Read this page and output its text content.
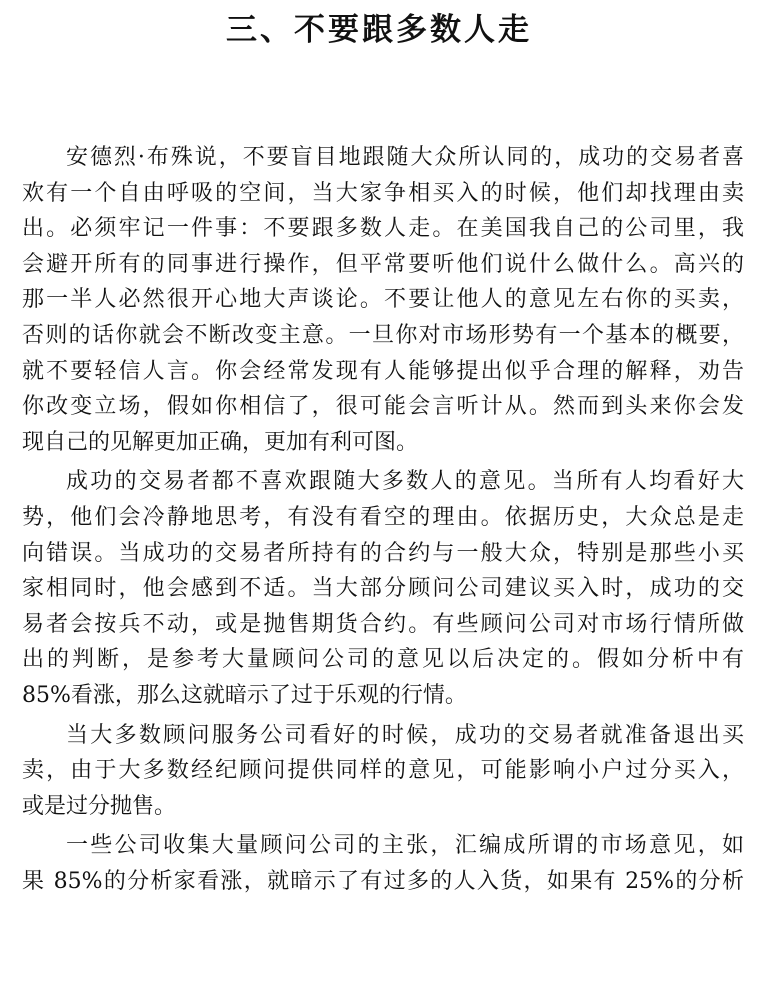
三、不要跟多数人走
安德烈·布殊说，不要盲目地跟随大众所认同的，成功的交易者喜
欢有一个自由呼吸的空间，当大家争相买入的时候，他们却找理由卖
出。必须牢记一件事：不要跟多数人走。在美国我自己的公司里，我
会避开所有的同事进行操作，但平常要听他们说什么做什么。高兴的
那一半人必然很开心地大声谈论。不要让他人的意见左右你的买卖，
否则的话你就会不断改变主意。一旦你对市场形势有一个基本的概要，
就不要轻信人言。你会经常发现有人能够提出似乎合理的解释，劝告
你改变立场，假如你相信了，很可能会言听计从。然而到头来你会发
现自己的见解更加正确，更加有利可图。
成功的交易者都不喜欢跟随大多数人的意见。当所有人均看好大
势，他们会冷静地思考，有没有看空的理由。依据历史，大众总是走
向错误。当成功的交易者所持有的合约与一般大众，特别是那些小买
家相同时，他会感到不适。当大部分顾问公司建议买入时，成功的交
易者会按兵不动，或是抛售期货合约。有些顾问公司对市场行情所做
出的判断，是参考大量顾问公司的意见以后决定的。假如分析中有
85%看涨，那么这就暗示了过于乐观的行情。
当大多数顾问服务公司看好的时候，成功的交易者就准备退出买
卖，由于大多数经纪顾问提供同样的意见，可能影响小户过分买入，
或是过分抛售。
一些公司收集大量顾问公司的主张，汇编成所谓的市场意见，如
果 85%的分析家看涨，就暗示了有过多的人入货，如果有 25%的分析
